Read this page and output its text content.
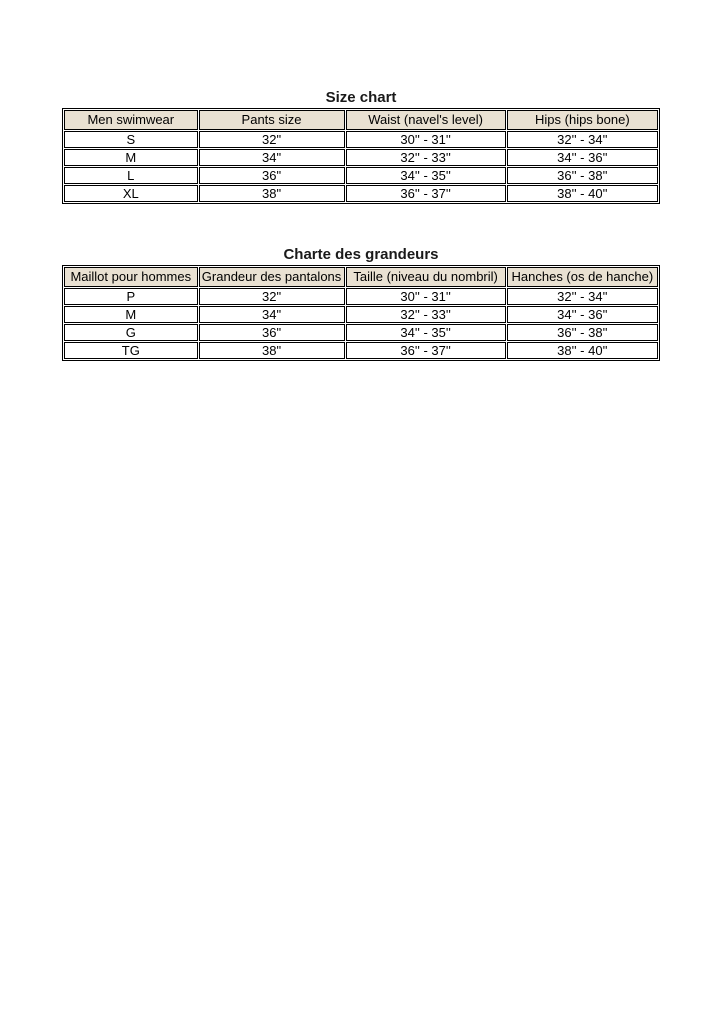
Size chart
Men swimwear	Pants size	Waist (navel's level)	Hips (hips bone)
S	32"	30'' - 31''	32'' - 34''
M	34"	32'' - 33''	34'' - 36''
L	36"	34'' - 35''	36'' - 38''
XL	38"	36'' - 37''	38'' - 40''
Charte des grandeurs
Maillot pour hommes	Grandeur des pantalons	Taille (niveau du nombril)	Hanches (os de hanche)
P	32"	30'' - 31''	32'' - 34''
M	34"	32'' - 33''	34'' - 36''
G	36"	34'' - 35''	36'' - 38''
TG	38"	36'' - 37''	38'' - 40''
